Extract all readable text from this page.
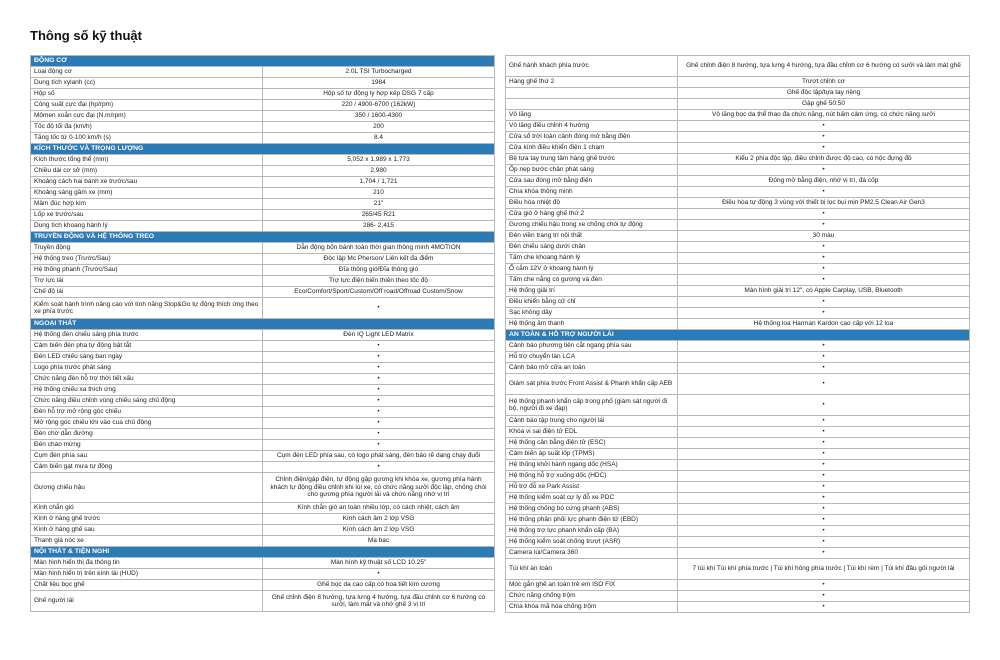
Thông số kỹ thuật
ĐỘNG CƠ	
Loại động cơ	2.0L TSI Turbocharged
Dung tích xylanh (cc)	1984
Hộp số	Hộp số tự động ly hợp kép DSG 7 cấp
Công suất cực đại (hp/rpm)	220 / 4900-6700 (162kW)
Mômen xoắn cực đại (N.m/rpm)	350 / 1600-4300
Tốc độ tối đa (km/h)	200
Tăng tốc từ 0-100 km/h (s)	8.4
KÍCH THƯỚC VÀ TRỌNG LƯỢNG	
Kích thước tổng thể (mm)	5,052 x 1,989 x 1,773
Chiều dài cơ sở (mm)	2,980
Khoảng cách hai bánh xe trước/sau	1,704 / 1,721
Khoảng sáng gầm xe (mm)	210
Mâm đúc hợp kim	21"
Lốp xe trước/sau	265/45 R21
Dung tích khoang hành lý	286- 2,415
TRUYỀN ĐỘNG VÀ HỆ THỐNG TREO	
Truyền động	Dẫn động bốn bánh toàn thời gian thông minh 4MOTION
Hệ thống treo (Trước/Sau)	Độc lập Mc Pherson/ Liên kết đa điểm
Hệ thống phanh (Trước/Sau)	Đĩa thông gió/Đĩa thông gió
Trợ lực lái	Trợ lực điện biến thiên theo tốc độ
Chế độ lái	Eco/Comfort/Sport/Custom/Off road/Offroad Custom/Snow
Kiểm soát hành trình nâng cao với tính năng Stop&Go tự động thích ứng theo xe phía trước	•
NGOẠI THẤT	
Hệ thống đèn chiếu sáng phía trước	Đèn IQ Light LED Matrix
Cảm biến đèn pha tự động bật tắt	•
Đèn LED chiếu sáng ban ngày	•
Logo phía trước phát sáng	•
Chức năng đèn hỗ trợ thời tiết xấu	•
Hệ thống chiếu xa thích ứng	•
Chức năng điều chỉnh vùng chiếu sáng chủ động	•
Đèn hỗ trợ mở rộng góc chiếu	•
Mở rộng góc chiếu khi vào cua chủ động	•
Đèn chờ dẫn đường	•
Đèn chào mừng	•
Cụm đèn phía sau	Cụm đèn LED phía sau, có logo phát sáng, đèn báo rẽ dạng chạy đuổi
Cảm biến gạt mưa tự động	•
Gương chiếu hậu	Chỉnh điện/gập điện, tự động gập gương khi khóa xe, gương phía hành khách tự động điều chỉnh khi lùi xe, có chức năng sưởi độc lập, chống chói cho gương phía người lái và chức năng nhớ vị trí
Kính chắn gió	Kính chắn gió an toàn nhiều lớp, có cách nhiệt, cách âm
Kính ở hàng ghế trước	Kính cách âm 2 lớp VSG
Kính ở hàng ghế sau	Kính cách âm 2 lớp VSG
Thanh giá nóc xe	Mạ bạc
NỘI THẤT & TIỆN NGHI	
Màn hình hiển thị đa thông tin	Màn hình kỹ thuật số LCD 10.25"
Màn hình hiển trị trên kính lái (HUD)	•
Chất liệu bọc ghế	Ghế bọc da cao cấp có hoa tiết kim cương
Ghế người lái	Ghế chỉnh điện 8 hướng, tựa lưng 4 hướng, tựa đầu chỉnh cơ 6 hướng có sưởi, làm mát và nhớ ghế 3 vị trí
Ghế hành khách phía trước	Ghế chỉnh điện 8 hướng, tựa lưng 4 hướng, tựa đầu chỉnh cơ 6 hướng có sưởi và làm mát ghế
Hàng ghế thứ 2	Trượt chỉnh cơ
	Ghế độc lập/tựa tay riêng
	Gập ghế 50:50
Vô lăng	Vô lăng bọc da thể thao đa chức năng, nút bấm cảm ứng, có chức năng sưởi
Vô lăng điều chỉnh 4 hướng	•
Cửa sổ trời toàn cảnh đóng mở bằng điện	•
Cửa kính điều khiển điện 1 chạm	•
Bệ tựa tay trung tâm hàng ghế trước	Kiểu 2 phía độc lập, điều chỉnh được độ cao, có hộc đựng đồ
Ốp nẹp bước chân phát sáng	•
Cửa sau đóng mở bằng điện	Đóng mở bằng điện, nhớ vị trí, đá cốp
Chìa khóa thông minh	•
Điều hòa nhiệt độ	Điều hòa tự động 3 vùng với thiết bị lọc bụi mịn PM2.5 Clean Air Gen3
Cửa gió ở hàng ghế thứ 2	•
Gương chiếu hậu trong xe chống chói tự động	•
Đèn viền trang trí nội thất	30 màu
Đèn chiếu sáng dưới chân	•
Tấm che khoang hành lý	•
Ổ cắm 12V ở khoang hành lý	•
Tấm che nắng có gương và đèn	•
Hệ thống giải trí	Màn hình giải trí 12", có Apple Carplay, USB, Bluetooth
Điều khiển bằng cử chỉ	•
Sạc không dây	•
Hệ thống âm thanh	Hệ thống loa Harman Kardon cao cấp với 12 loa
AN TOÀN & HỖ TRỢ NGƯỜI LÁI	
Cảnh báo phương tiện cắt ngang phía sau	•
Hỗ trợ chuyển làn LCA	•
Cảnh báo mở cửa an toàn	•
Giám sát phía trước Front Assist & Phanh khẩn cấp AEB	•
Hệ thống phanh khẩn cấp trong phố (giám sát người đi bộ, người đi xe đạp)	•
Cảnh báo tập trung cho người lái	•
Khóa vi sai điện tử EDL	•
Hệ thống cân bằng điện tử (ESC)	•
Cảm biến áp suất lốp (TPMS)	•
Hệ thống khởi hành ngang dốc (HSA)	•
Hệ thống hỗ trợ xuống dốc (HDC)	•
Hỗ trợ đỗ xe Park Assist	•
Hệ thống kiểm soát cự ly đỗ xe PDC	•
Hệ thống chống bó cứng phanh (ABS)	•
Hệ thống phân phối lực phanh điện tử (EBD)	•
Hệ thống trợ lực phanh khẩn cấp (BA)	•
Hệ thống kiểm soát chống trượt (ASR)	•
Camera lùi/Camera 360	•
Túi khí an toàn	7 túi khí Túi khí phía trước | Túi khí hông phía trước | Túi khí rèm | Túi khí đầu gối người lái
Móc gắn ghế an toàn trẻ em ISO FIX	•
Chức năng chống trộm	•
Chìa khóa mã hóa chống trộm	•
